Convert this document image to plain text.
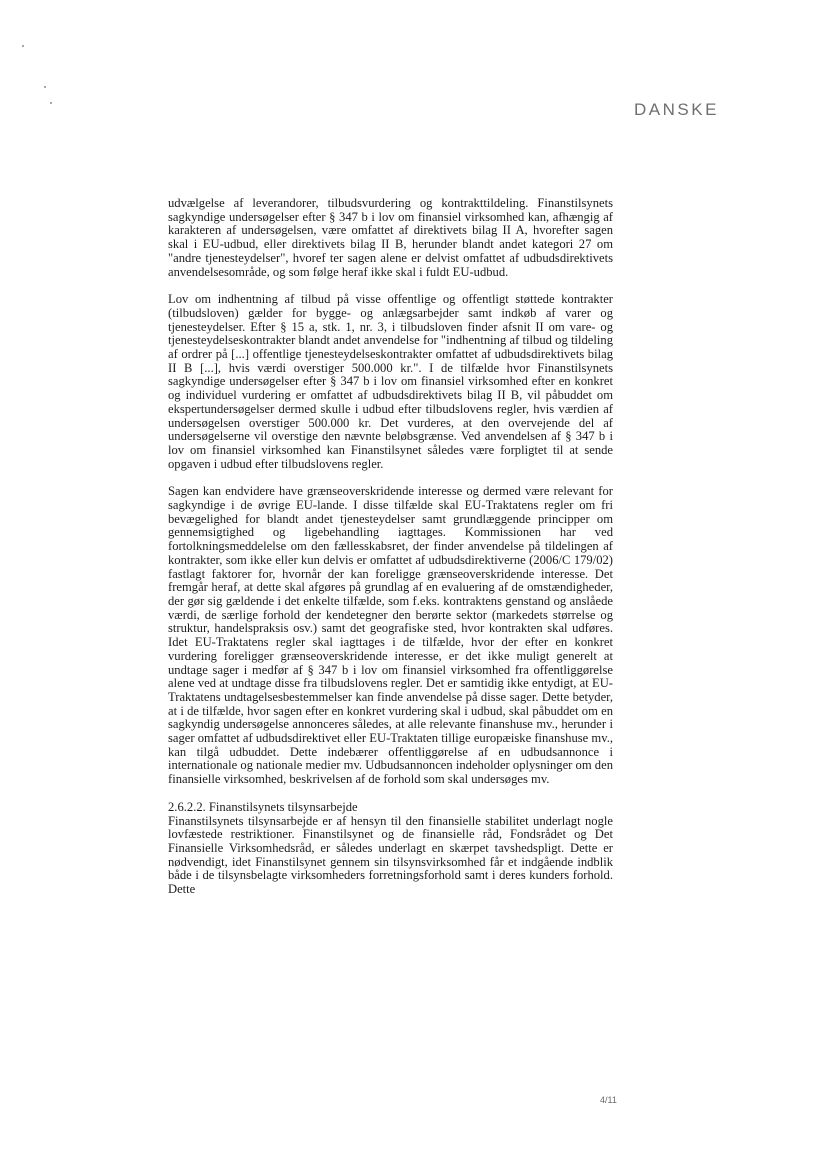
DANSKE

udvælgelse af leverandorer, tilbudsvurdering og kontrakttildeling. Finanstilsynets sagkyndige undersøgelser efter § 347 b i lov om finansiel virksomhed kan, afhængig af karakteren af undersøgelsen, være omfattet af direktivets bilag II A, hvorefter sagen skal i EU-udbud, eller direktivets bilag II B, herunder blandt andet kategori 27 om "andre tjenesteydelser", hvoref ter sagen alene er delvist omfattet af udbudsdirektivets anvendelsesområde, og som følge heraf ikke skal i fuldt EU-udbud.

Lov om indhentning af tilbud på visse offentlige og offentligt støttede kontrakter (tilbudsloven) gælder for bygge- og anlægsarbejder samt indkøb af varer og tjenesteydelser. Efter § 15 a, stk. 1, nr. 3, i tilbudsloven finder afsnit II om vare- og tjenesteydelseskontrakter blandt andet anvendelse for "indhentning af tilbud og tildeling af ordrer på [...] offentlige tjenesteydelseskontrakter omfattet af udbudsdirektivets bilag II B [...], hvis værdi overstiger 500.000 kr.". I de tilfælde hvor Finanstilsynets sagkyndige undersøgelser efter § 347 b i lov om finansiel virksomhed efter en konkret og individuel vurdering er omfattet af udbudsdirektivets bilag II B, vil påbuddet om ekspertundersøgelser dermed skulle i udbud efter tilbudslovens regler, hvis værdien af undersøgelsen overstiger 500.000 kr. Det vurderes, at den overvejende del af undersøgelserne vil overstige den nævnte beløbsgrænse. Ved anvendelsen af § 347 b i lov om finansiel virksomhed kan Finanstilsynet således være forpligtet til at sende opgaven i udbud efter tilbudslovens regler.

Sagen kan endvidere have grænseoverskridende interesse og dermed være relevant for sagkyndige i de øvrige EU-lande. I disse tilfælde skal EU-Traktatens regler om fri bevægelighed for blandt andet tjenesteydelser samt grundlæggende principper om gennemsigtighed og ligebehandling iagttages. Kommissionen har ved fortolkningsmeddelelse om den fællesskabsret, der finder anvendelse på tildelingen af kontrakter, som ikke eller kun delvis er omfattet af udbudsdirektiverne (2006/C 179/02) fastlagt faktorer for, hvornår der kan foreligge grænseoverskridende interesse. Det fremgår heraf, at dette skal afgøres på grundlag af en evaluering af de omstændigheder, der gør sig gældende i det enkelte tilfælde, som f.eks. kontraktens genstand og anslåede værdi, de særlige forhold der kendetegner den berørte sektor (markedets størrelse og struktur, handelspraksis osv.) samt det geografiske sted, hvor kontrakten skal udføres. Idet EU-Traktatens regler skal iagttages i de tilfælde, hvor der efter en konkret vurdering foreligger grænseoverskridende interesse, er det ikke muligt generelt at undtage sager i medfør af § 347 b i lov om finansiel virksomhed fra offentliggørelse alene ved at undtage disse fra tilbudslovens regler. Det er samtidig ikke entydigt, at EU-Traktatens undtagelsesbestemmelser kan finde anvendelse på disse sager. Dette betyder, at i de tilfælde, hvor sagen efter en konkret vurdering skal i udbud, skal påbuddet om en sagkyndig undersøgelse annonceres således, at alle relevante finanshuse mv., herunder i sager omfattet af udbudsdirektivet eller EU-Traktaten tillige europæiske finanshuse mv., kan tilgå udbuddet. Dette indebærer offentliggørelse af en udbudsannonce i internationale og nationale medier mv. Udbudsannoncen indeholder oplysninger om den finansielle virksomhed, beskrivelsen af de forhold som skal undersøges mv.

2.6.2.2. Finanstilsynets tilsynsarbejde

Finanstilsynets tilsynsarbejde er af hensyn til den finansielle stabilitet underlagt nogle lovfæstede restriktioner. Finanstilsynet og de finansielle råd, Fondsrådet og Det Finansielle Virksomhedsråd, er således underlagt en skærpet tavshedspligt. Dette er nødvendigt, idet Finanstilsynet gennem sin tilsynsvirksomhed får et indgående indblik både i de tilsynsbelagte virksomheders forretningsforhold samt i deres kunders forhold. Dette

4/11
